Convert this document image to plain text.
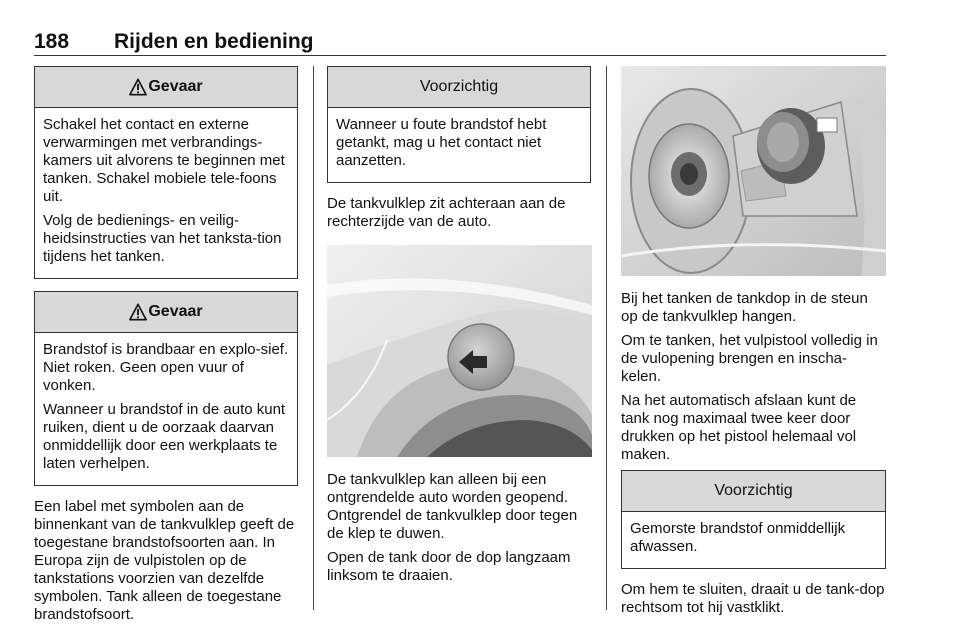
188 Rijden en bediening
Gevaar

Schakel het contact en externe verwarmingen met verbrandings-kamers uit alvorens te beginnen met tanken. Schakel mobiele tele-foons uit.

Volg de bedienings- en veilig-heidsinstructies van het tanksta-tion tijdens het tanken.

Gevaar

Brandstof is brandbaar en explo-sief. Niet roken. Geen open vuur of vonken.

Wanneer u brandstof in de auto kunt ruiken, dient u de oorzaak daarvan onmiddellijk door een werkplaats te laten verhelpen.

Een label met symbolen aan de binnenkant van de tankvulklep geeft de toegestane brandstofsoorten aan. In Europa zijn de vulpistolen op de tankstations voorzien van dezelfde symbolen. Tank alleen de toegestane brandstofsoort.

Voorzichtig

Wanneer u foute brandstof hebt getankt, mag u het contact niet aanzetten.

De tankvulklep zit achteraan aan de rechterzijde van de auto.

De tankvulklep kan alleen bij een ontgrendelde auto worden geopend. Ontgrendel de tankvulklep door tegen de klep te duwen.

Open de tank door de dop langzaam linksom te draaien.

Bij het tanken de tankdop in de steun op de tankvulklep hangen.

Om te tanken, het vulpistool volledig in de vulopening brengen en inscha-kelen.

Na het automatisch afslaan kunt de tank nog maximaal twee keer door drukken op het pistool helemaal vol maken.

Voorzichtig

Gemorste brandstof onmiddellijk afwassen.

Om hem te sluiten, draait u de tank-dop rechtsom tot hij vastklikt.
